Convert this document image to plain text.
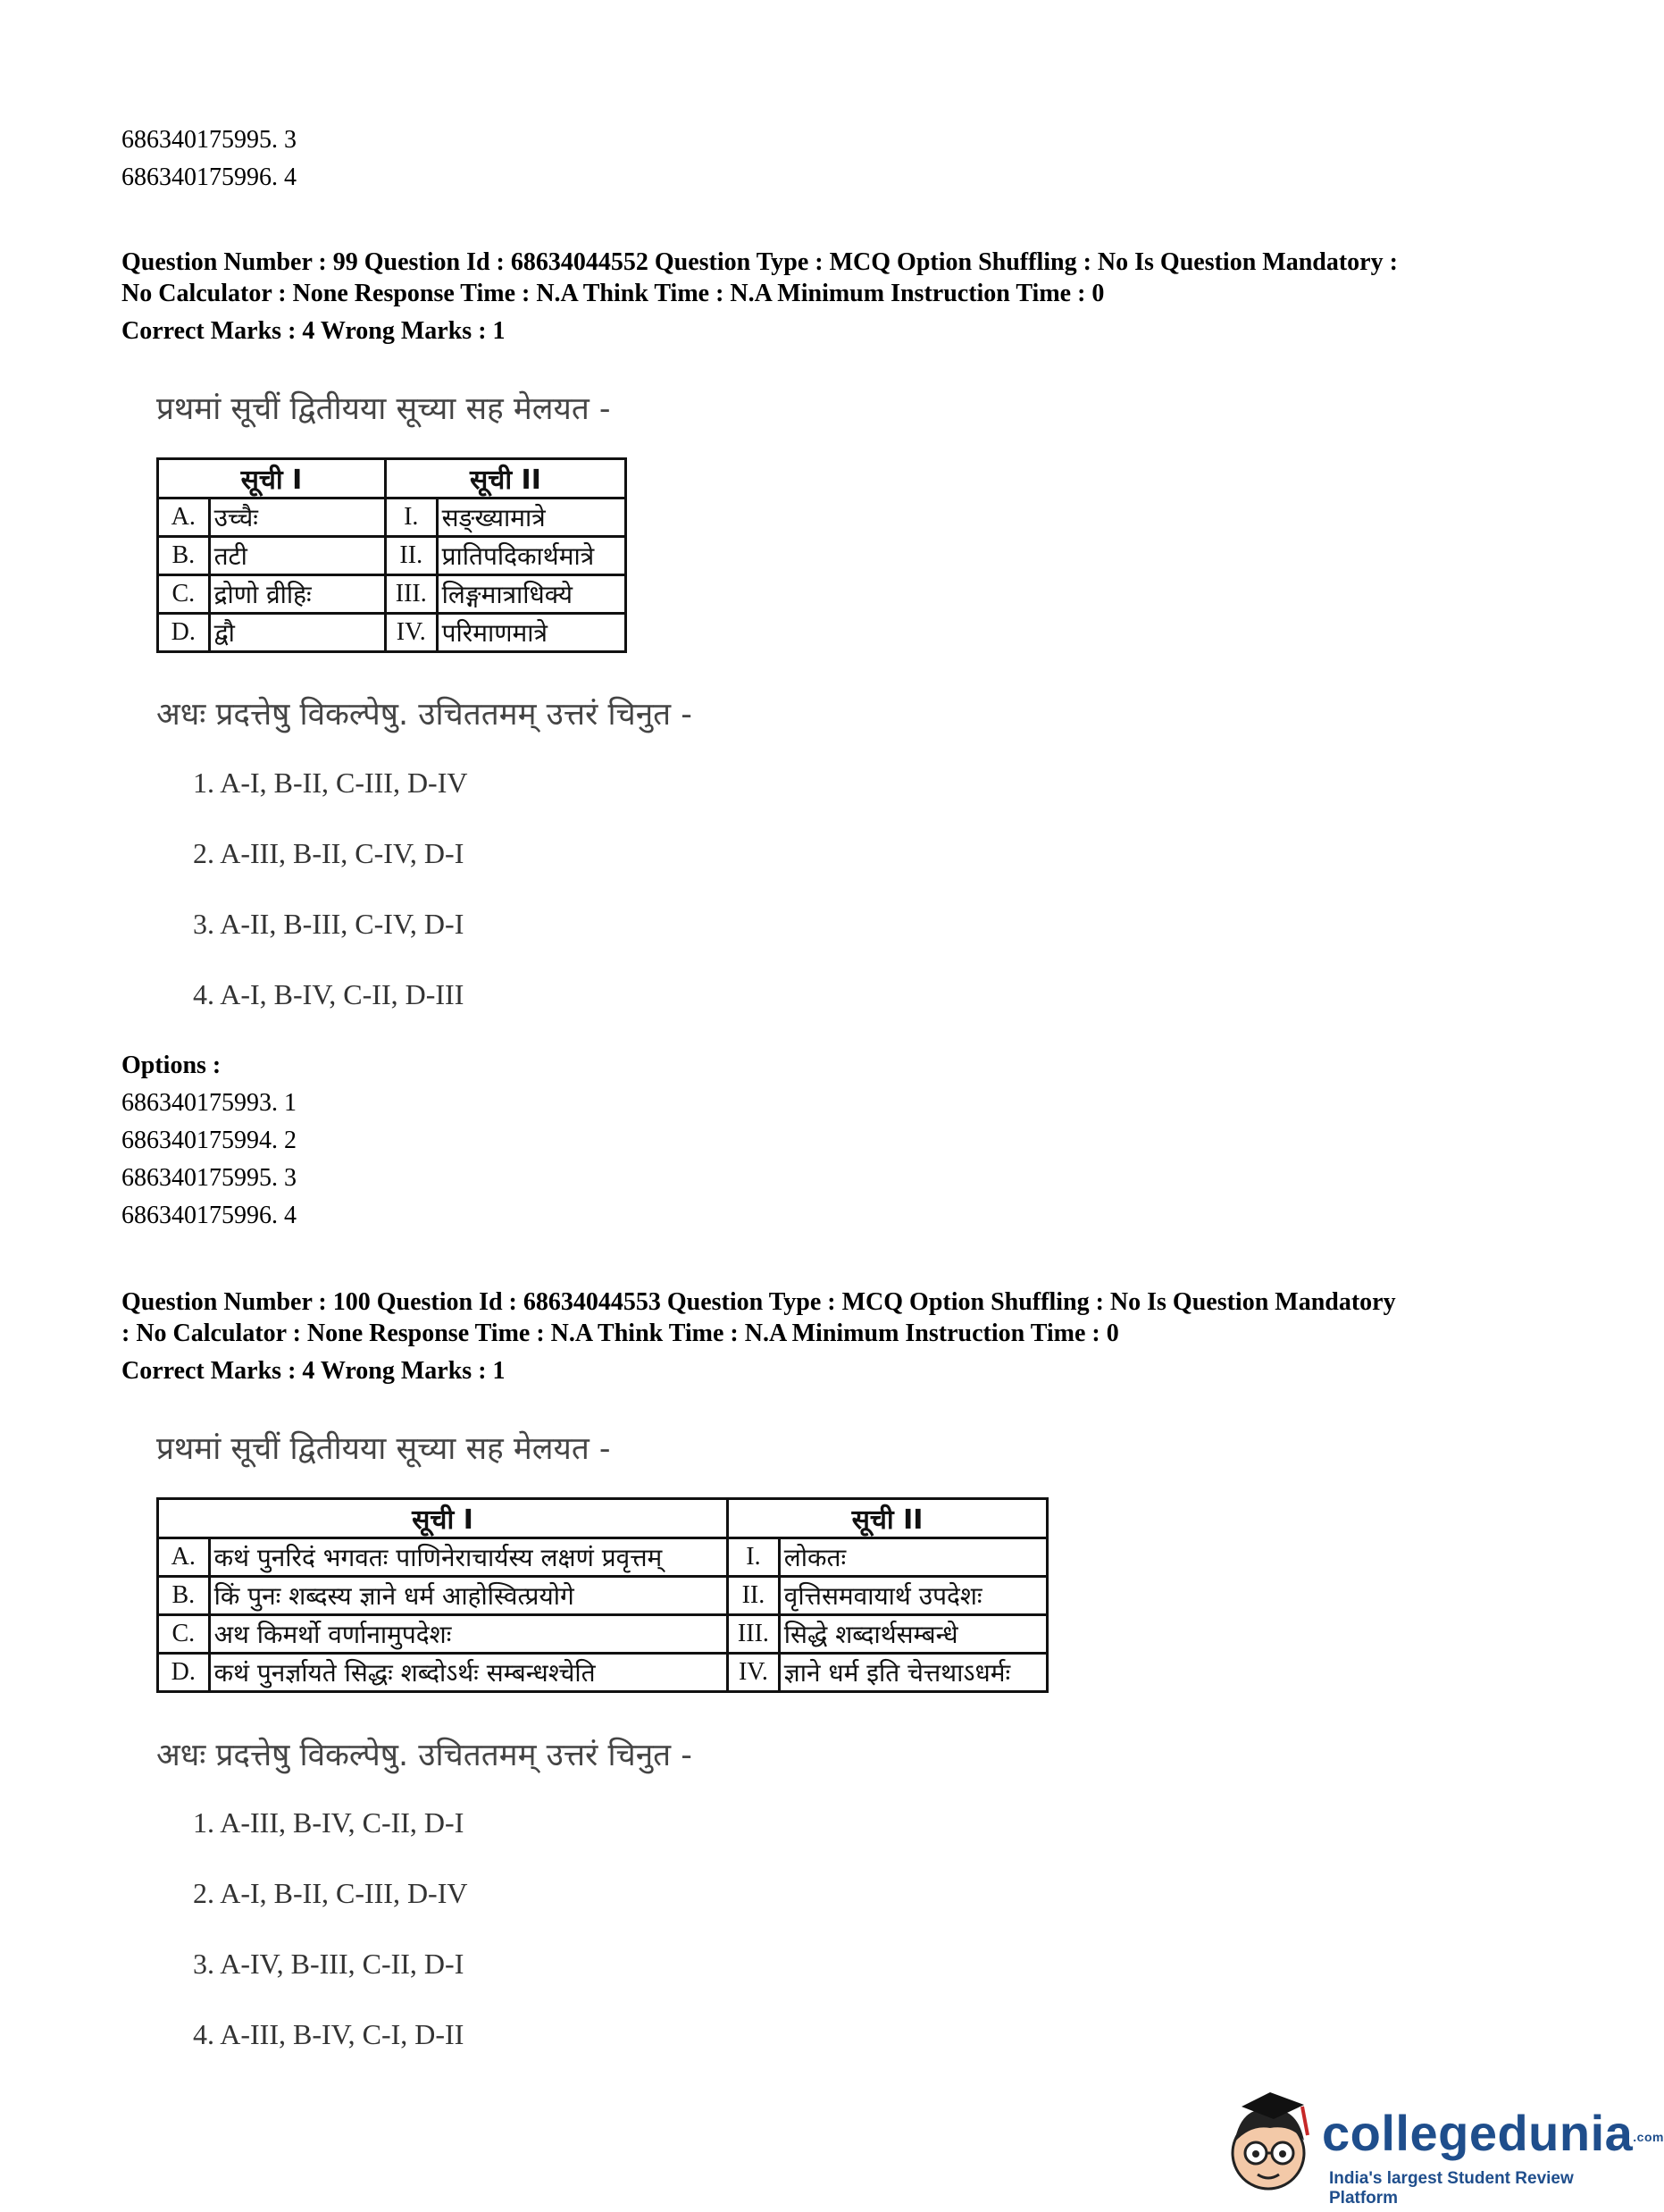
686340175995. 3
686340175996. 4
Question Number : 99 Question Id : 68634044552 Question Type : MCQ Option Shuffling : No Is Question Mandatory :
No Calculator : None Response Time : N.A Think Time : N.A Minimum Instruction Time : 0
Correct Marks : 4 Wrong Marks : 1
प्रथमां सूचीं द्वितीयया सूच्या सह मेलयत -
सूची I		सूची II	
A.	उच्चैः	I.	सङ्ख्यामात्रे
B.	तटी	II.	प्रातिपदिकार्थमात्रे
C.	द्रोणो व्रीहिः	III.	लिङ्गमात्राधिक्ये
D.	द्वौ	IV.	परिमाणमात्रे
अधः प्रदत्तेषु विकल्पेषु. उचिततमम् उत्तरं चिनुत -
1. A-I, B-II, C-III, D-IV
2. A-III, B-II, C-IV, D-I
3. A-II, B-III, C-IV, D-I
4. A-I, B-IV, C-II, D-III
Options :
686340175993. 1
686340175994. 2
686340175995. 3
686340175996. 4
Question Number : 100 Question Id : 68634044553 Question Type : MCQ Option Shuffling : No Is Question Mandatory
: No Calculator : None Response Time : N.A Think Time : N.A Minimum Instruction Time : 0
Correct Marks : 4 Wrong Marks : 1
प्रथमां सूचीं द्वितीयया सूच्या सह मेलयत -
सूची I		सूची II	
A.	कथं पुनरिदं भगवतः पाणिनेराचार्यस्य लक्षणं प्रवृत्तम्	I.	लोकतः
B.	किं पुनः शब्दस्य ज्ञाने धर्म आहोस्वित्प्रयोगे	II.	वृत्तिसमवायार्थ उपदेशः
C.	अथ किमर्थो वर्णानामुपदेशः	III.	सिद्धे शब्दार्थसम्बन्धे
D.	कथं पुनर्ज्ञायते सिद्धः शब्दोऽर्थः सम्बन्धश्चेति	IV.	ज्ञाने धर्म इति चेत्तथाऽधर्मः
अधः प्रदत्तेषु विकल्पेषु. उचिततमम् उत्तरं चिनुत -
1. A-III, B-IV, C-II, D-I
2. A-I, B-II, C-III, D-IV
3. A-IV, B-III, C-II, D-I
4. A-III, B-IV, C-I, D-II
collegedunia.com
India's largest Student Review Platform
